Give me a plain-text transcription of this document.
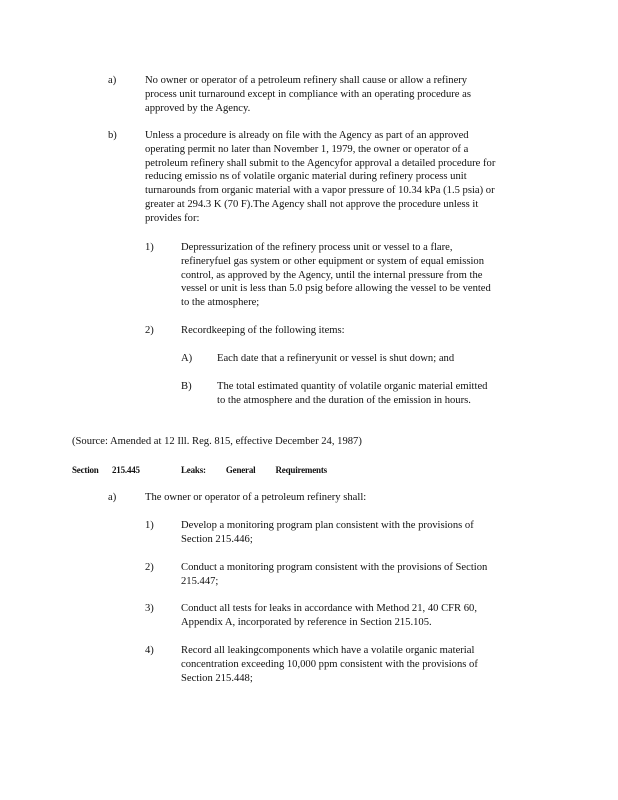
a)	No owner or operator of a petroleum refinery shall cause or allow a refinery process unit turnaround except in compliance with an operating procedure as approved by the Agency.
b)	Unless a procedure is already on file with the Agency as part of an approved operating permit no later than November 1, 1979, the owner or operator of a petroleum refinery shall submit to the Agencyfor approval a detailed procedure for reducing emissio ns of volatile organic material during refinery process unit turnarounds from organic material with a vapor pressure of 10.34 kPa (1.5 psia) or greater at 294.3 K (70 F).The Agency shall not approve the procedure unless it provides for:
1)	Depressurization of the refinery process unit or vessel to a flare, refineryfuel gas system or other equipment or system of equal emission control, as approved by the Agency, until the internal pressure from the vessel or unit is less than 5.0 psig before allowing the vessel to be vented to the atmosphere;
2)	Recordkeeping of the following items:
A) Each date that a refineryunit or vessel is shut down; and
B) The total estimated quantity of volatile organic material emitted to the atmosphere and the duration of the emission in hours.
(Source: Amended at 12 Ill. Reg. 815, effective December 24, 1987)
Section 215.445	Leaks: General Requirements
a)	The owner or operator of a petroleum refinery shall:
1)	Develop a monitoring program plan consistent with the provisions of Section 215.446;
2)	Conduct a monitoring program consistent with the provisions of Section 215.447;
3)	Conduct all tests for leaks in accordance with Method 21, 40 CFR 60, Appendix A, incorporated by reference in Section 215.105.
4)	Record all leakingcomponents which have a volatile organic material concentration exceeding 10,000 ppm consistent with the provisions of Section 215.448;
